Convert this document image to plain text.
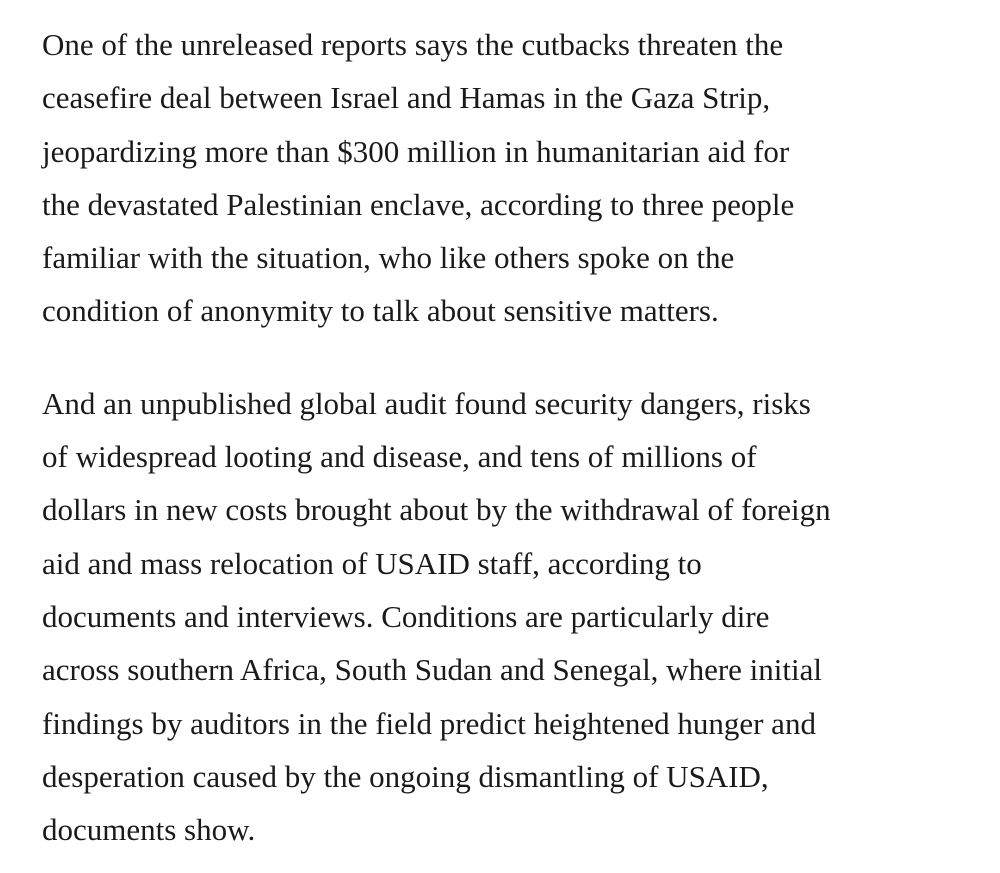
One of the unreleased reports says the cutbacks threaten the
ceasefire deal between Israel and Hamas in the Gaza Strip,
jeopardizing more than $300 million in humanitarian aid for
the devastated Palestinian enclave, according to three people
familiar with the situation, who like others spoke on the
condition of anonymity to talk about sensitive matters.

And an unpublished global audit found security dangers, risks
of widespread looting and disease, and tens of millions of
dollars in new costs brought about by the withdrawal of foreign
aid and mass relocation of USAID staff, according to
documents and interviews. Conditions are particularly dire
across southern Africa, South Sudan and Senegal, where initial
findings by auditors in the field predict heightened hunger and
desperation caused by the ongoing dismantling of USAID,
documents show.
